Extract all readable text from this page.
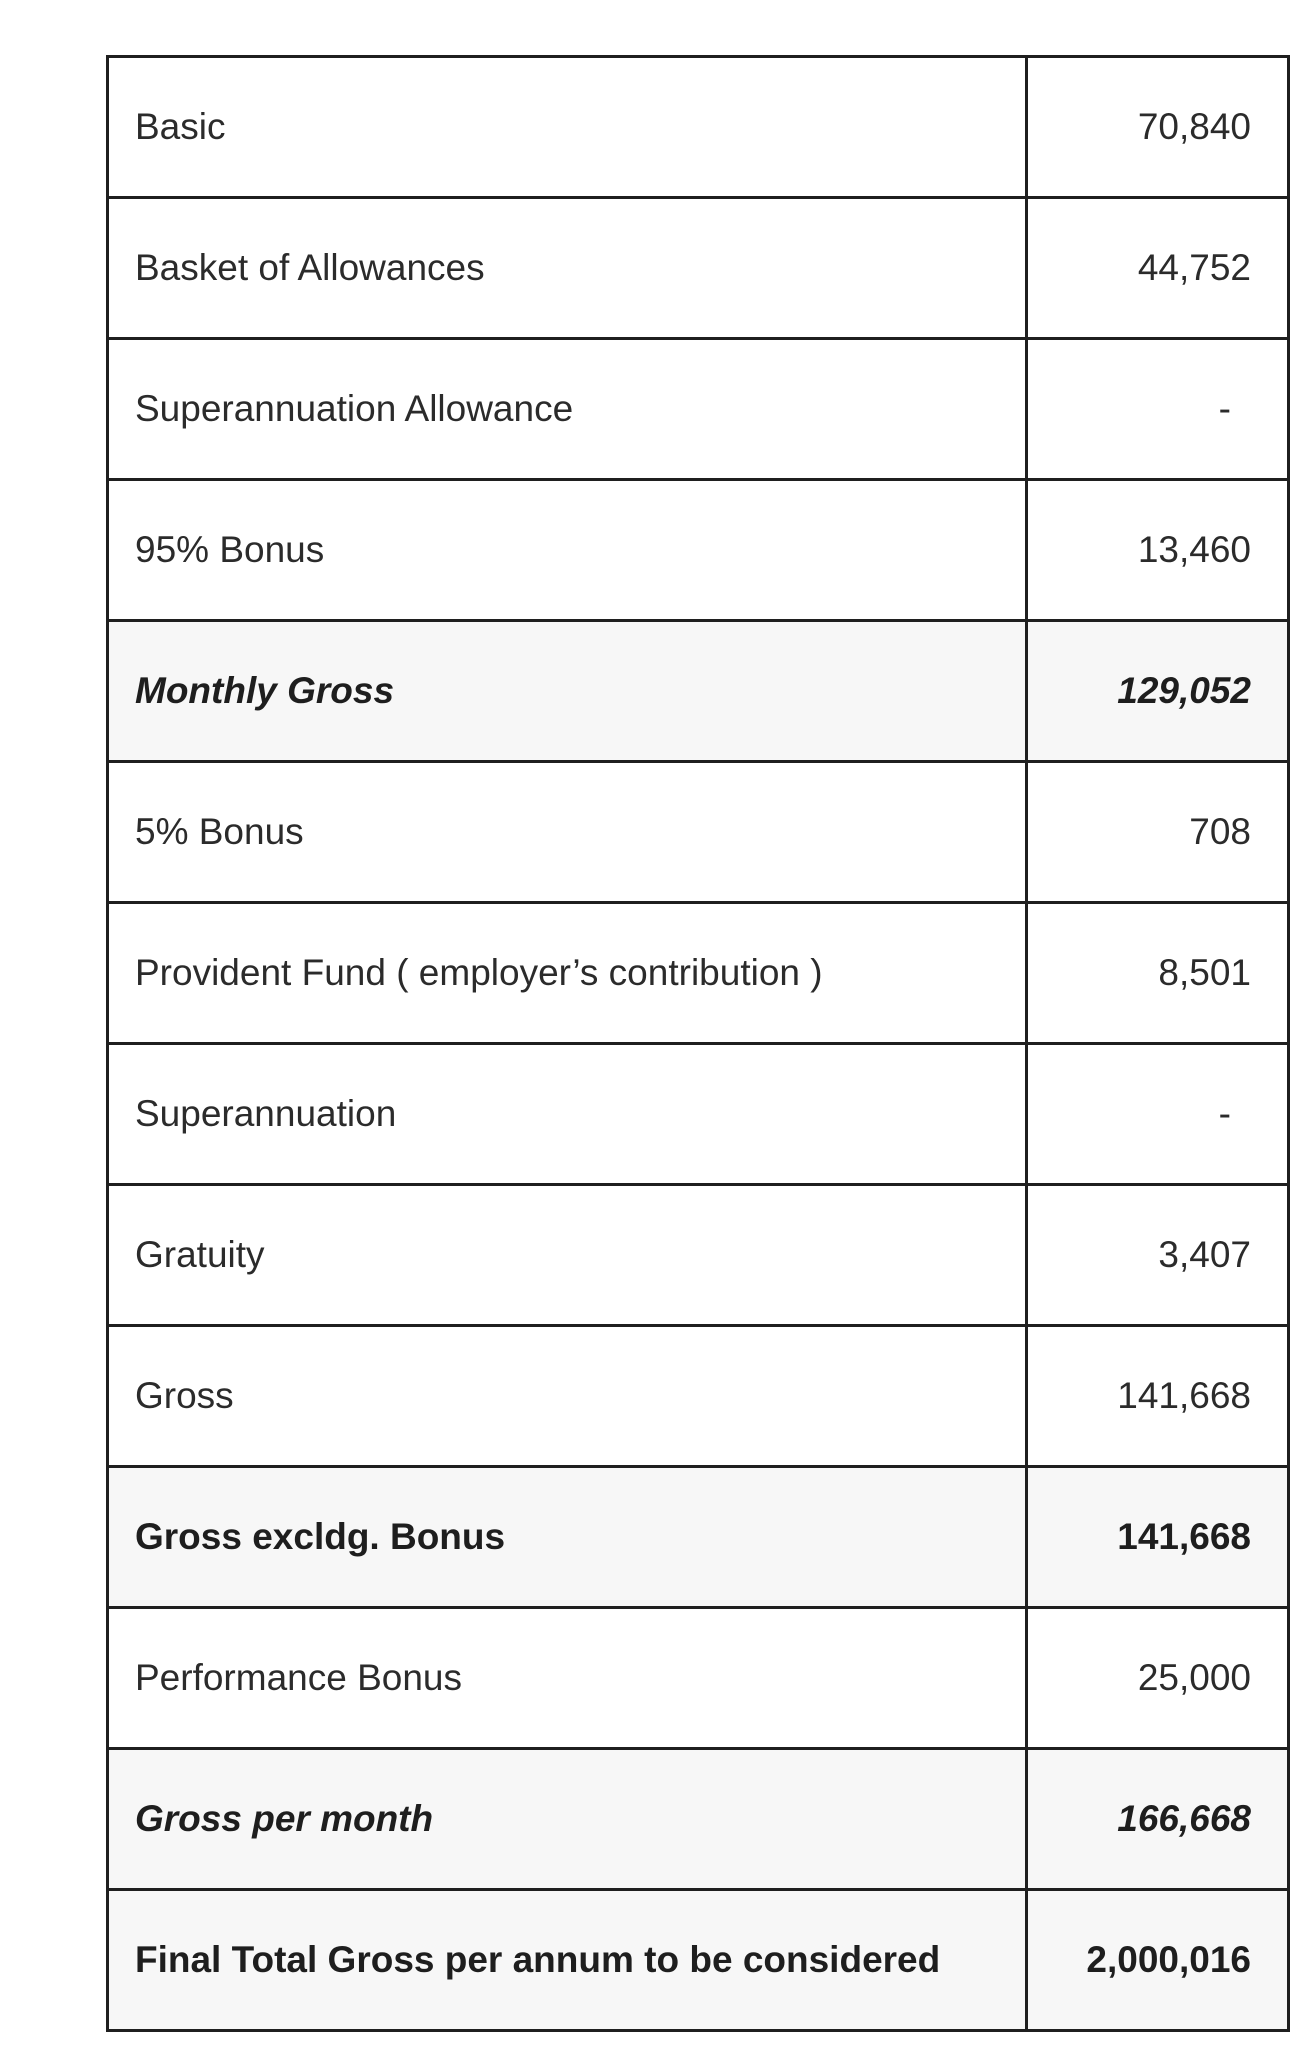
Basic	70,840
Basket of Allowances	44,752
Superannuation Allowance	-
95% Bonus	13,460
Monthly Gross	129,052
5% Bonus	708
Provident Fund ( employer’s contribution )	8,501
Superannuation	-
Gratuity	3,407
Gross	141,668
Gross excldg. Bonus	141,668
Performance Bonus	25,000
Gross per month	166,668
Final Total Gross per annum to be considered	2,000,016
